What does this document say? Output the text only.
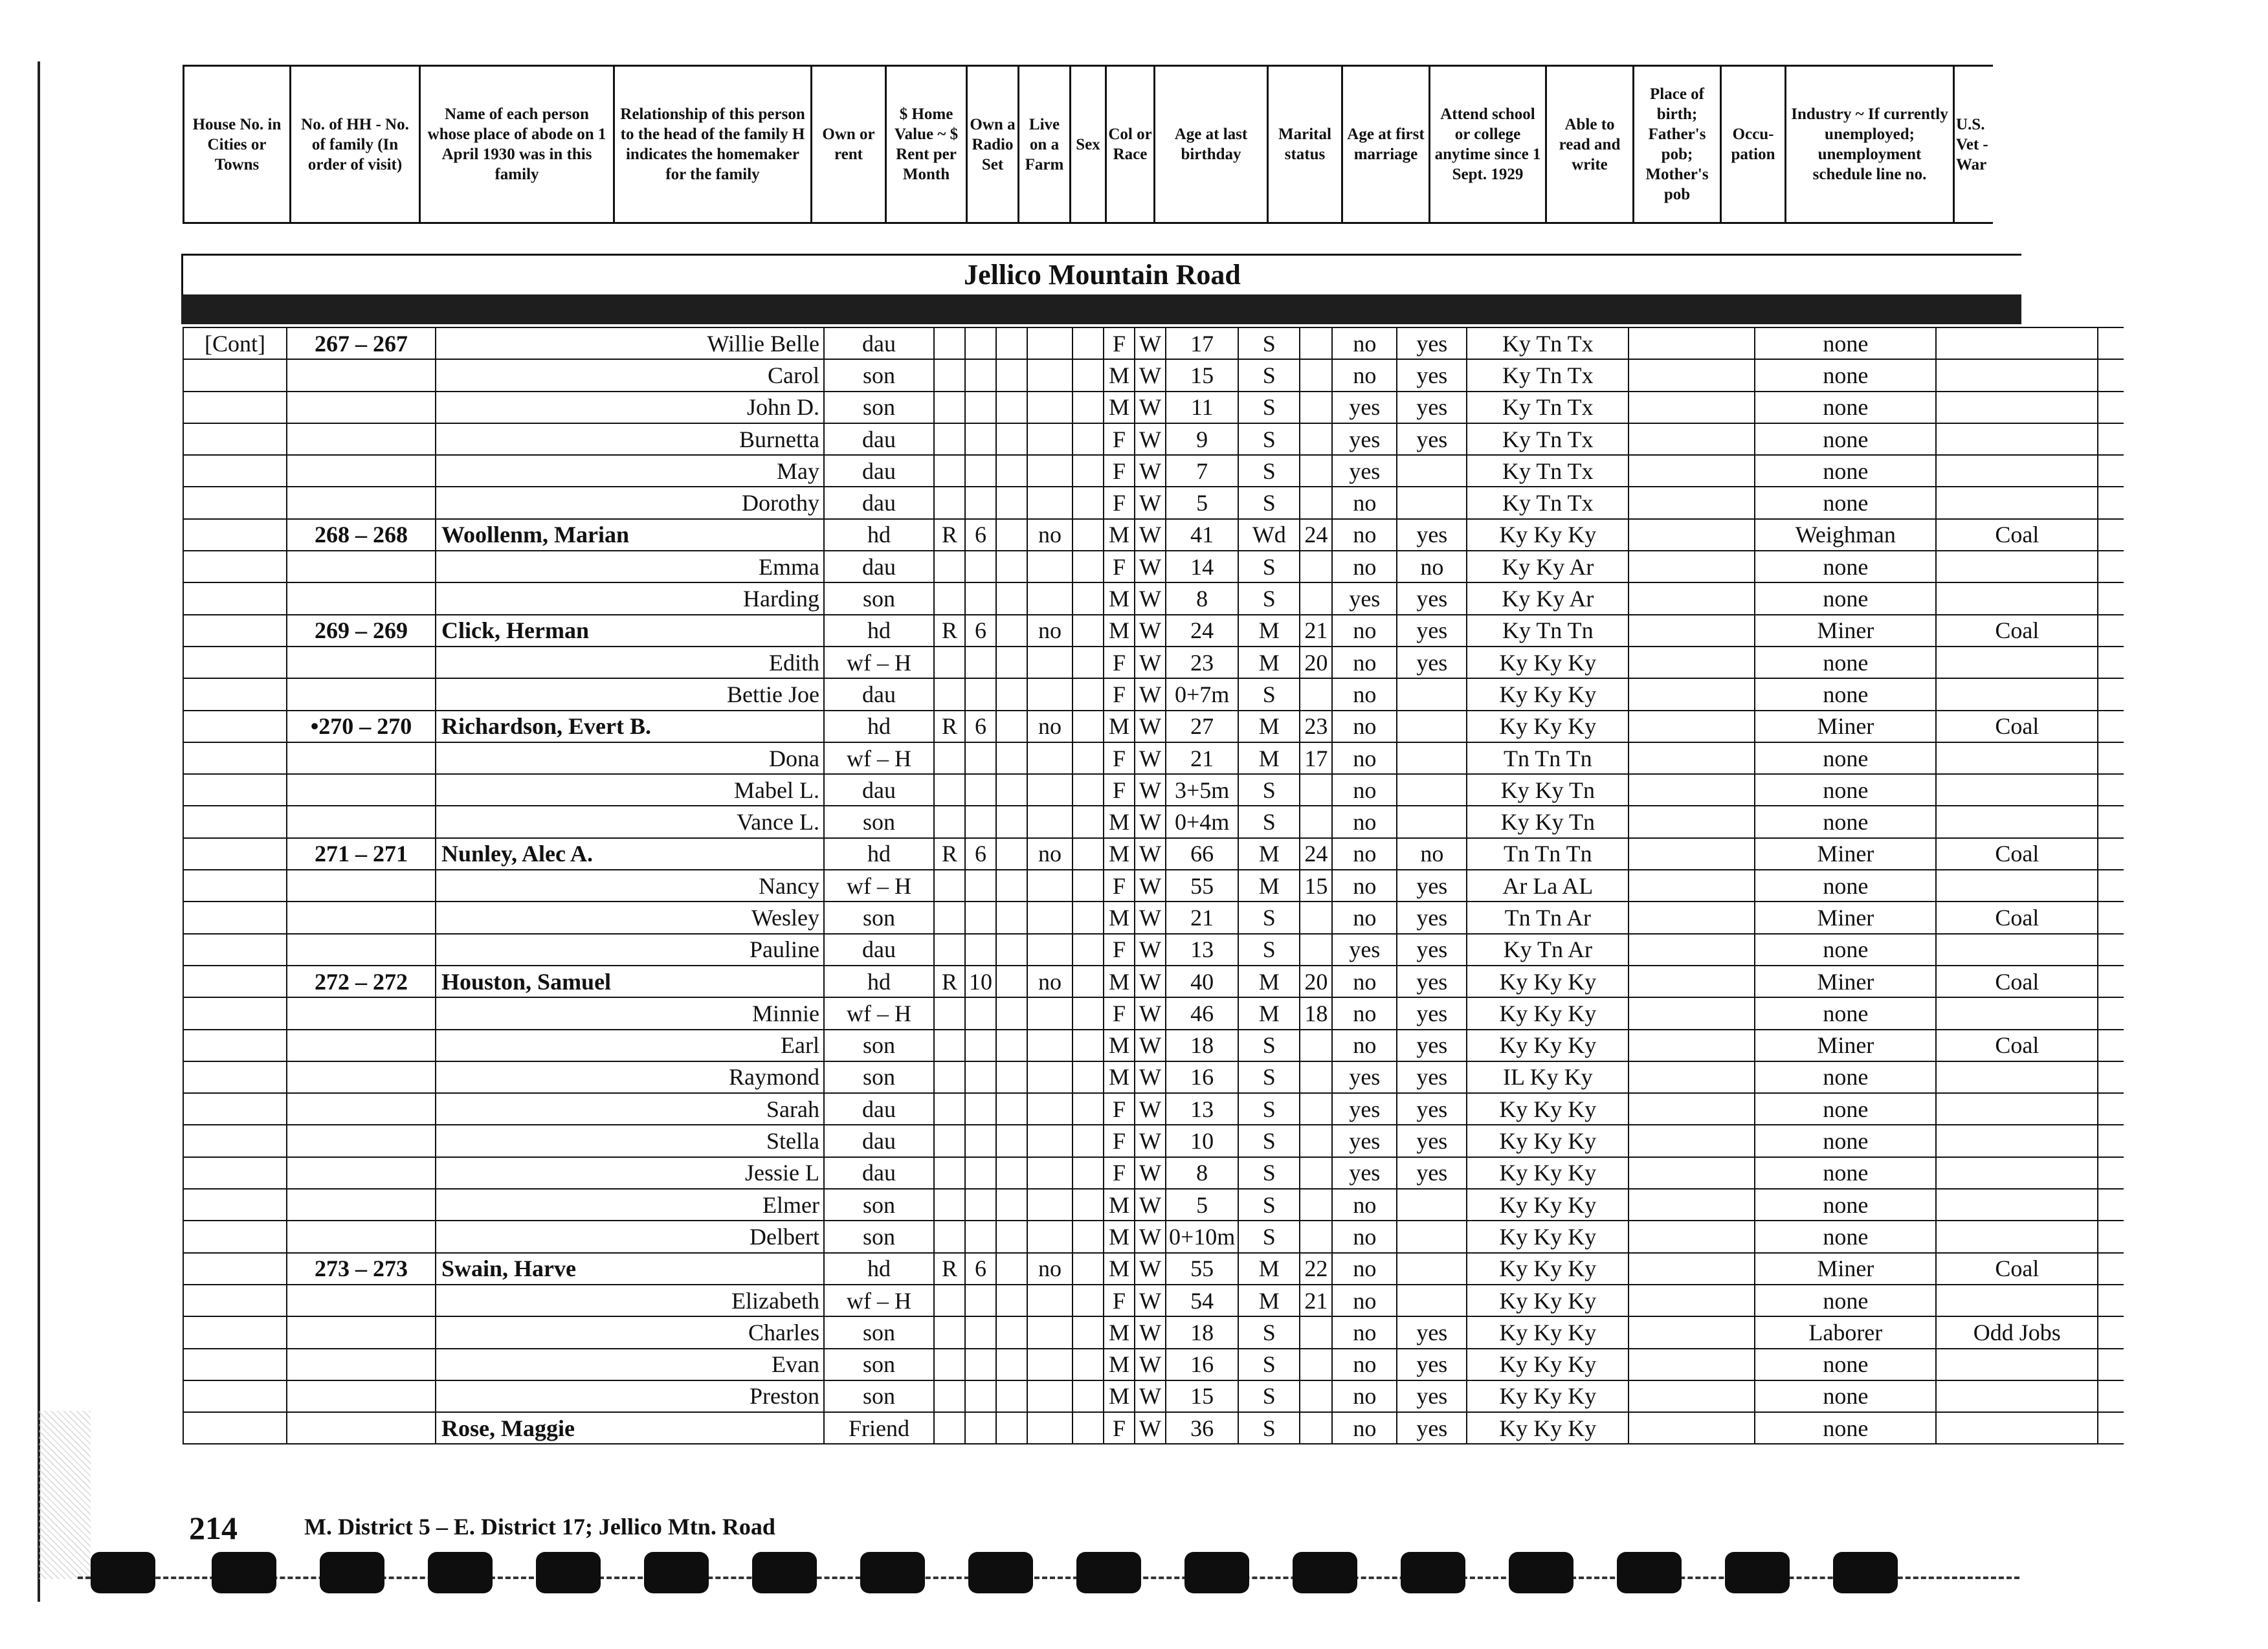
House No. in Cities or Towns	No. of HH - No. of family (In order of visit)	Name of each person whose place of abode on 1 April 1930 was in this family	Relationship of this person to the head of the family H indicates the homemaker for the family	Own or rent	$ Home Value ~ $ Rent per Month	Own a Radio Set	Live on a Farm	Sex	Col or Race	Age at last birthday	Marital status	Age at first marriage	Attend school or college anytime since 1 Sept. 1929	Able to read and write	Place of birth; Father's pob; Mother's pob	Occu- pation	Industry ~ If currently unemployed; unemployment schedule line no.	U.S. Vet - War
Jellico Mountain Road
[Cont]	267 – 267	Willie Belle	dau						F	W	17	S		no	yes	Ky Tn Tx		none		
		Carol	son						M	W	15	S		no	yes	Ky Tn Tx		none		
		John D.	son						M	W	11	S		yes	yes	Ky Tn Tx		none		
		Burnetta	dau						F	W	9	S		yes	yes	Ky Tn Tx		none		
		May	dau						F	W	7	S		yes		Ky Tn Tx		none		
		Dorothy	dau						F	W	5	S		no		Ky Tn Tx		none		
	268 – 268	Woollenm, Marian	hd	R	6		no		M	W	41	Wd	24	no	yes	Ky Ky Ky		Weighman	Coal	
		Emma	dau						F	W	14	S		no	no	Ky Ky Ar		none		
		Harding	son						M	W	8	S		yes	yes	Ky Ky Ar		none		
	269 – 269	Click, Herman	hd	R	6		no		M	W	24	M	21	no	yes	Ky Tn Tn		Miner	Coal	
		Edith	wf – H						F	W	23	M	20	no	yes	Ky Ky Ky		none		
		Bettie Joe	dau						F	W	0+7m	S		no		Ky Ky Ky		none		
	•270 – 270	Richardson, Evert B.	hd	R	6		no		M	W	27	M	23	no		Ky Ky Ky		Miner	Coal	
		Dona	wf – H						F	W	21	M	17	no		Tn Tn Tn		none		
		Mabel L.	dau						F	W	3+5m	S		no		Ky Ky Tn		none		
		Vance L.	son						M	W	0+4m	S		no		Ky Ky Tn		none		
	271 – 271	Nunley, Alec A.	hd	R	6		no		M	W	66	M	24	no	no	Tn Tn Tn		Miner	Coal	
		Nancy	wf – H						F	W	55	M	15	no	yes	Ar La AL		none		
		Wesley	son						M	W	21	S		no	yes	Tn Tn Ar		Miner	Coal	
		Pauline	dau						F	W	13	S		yes	yes	Ky Tn Ar		none		
	272 – 272	Houston, Samuel	hd	R	10		no		M	W	40	M	20	no	yes	Ky Ky Ky		Miner	Coal	
		Minnie	wf – H						F	W	46	M	18	no	yes	Ky Ky Ky		none		
		Earl	son						M	W	18	S		no	yes	Ky Ky Ky		Miner	Coal	
		Raymond	son						M	W	16	S		yes	yes	IL Ky Ky		none		
		Sarah	dau						F	W	13	S		yes	yes	Ky Ky Ky		none		
		Stella	dau						F	W	10	S		yes	yes	Ky Ky Ky		none		
		Jessie L	dau						F	W	8	S		yes	yes	Ky Ky Ky		none		
		Elmer	son						M	W	5	S		no		Ky Ky Ky		none		
		Delbert	son						M	W	0+10m	S		no		Ky Ky Ky		none		
	273 – 273	Swain, Harve	hd	R	6		no		M	W	55	M	22	no		Ky Ky Ky		Miner	Coal	
		Elizabeth	wf – H						F	W	54	M	21	no		Ky Ky Ky		none		
		Charles	son						M	W	18	S		no	yes	Ky Ky Ky		Laborer	Odd Jobs	
		Evan	son						M	W	16	S		no	yes	Ky Ky Ky		none		
		Preston	son						M	W	15	S		no	yes	Ky Ky Ky		none		
		Rose, Maggie	Friend						F	W	36	S		no	yes	Ky Ky Ky		none		
214	M. District 5 – E. District 17; Jellico Mtn. Road
